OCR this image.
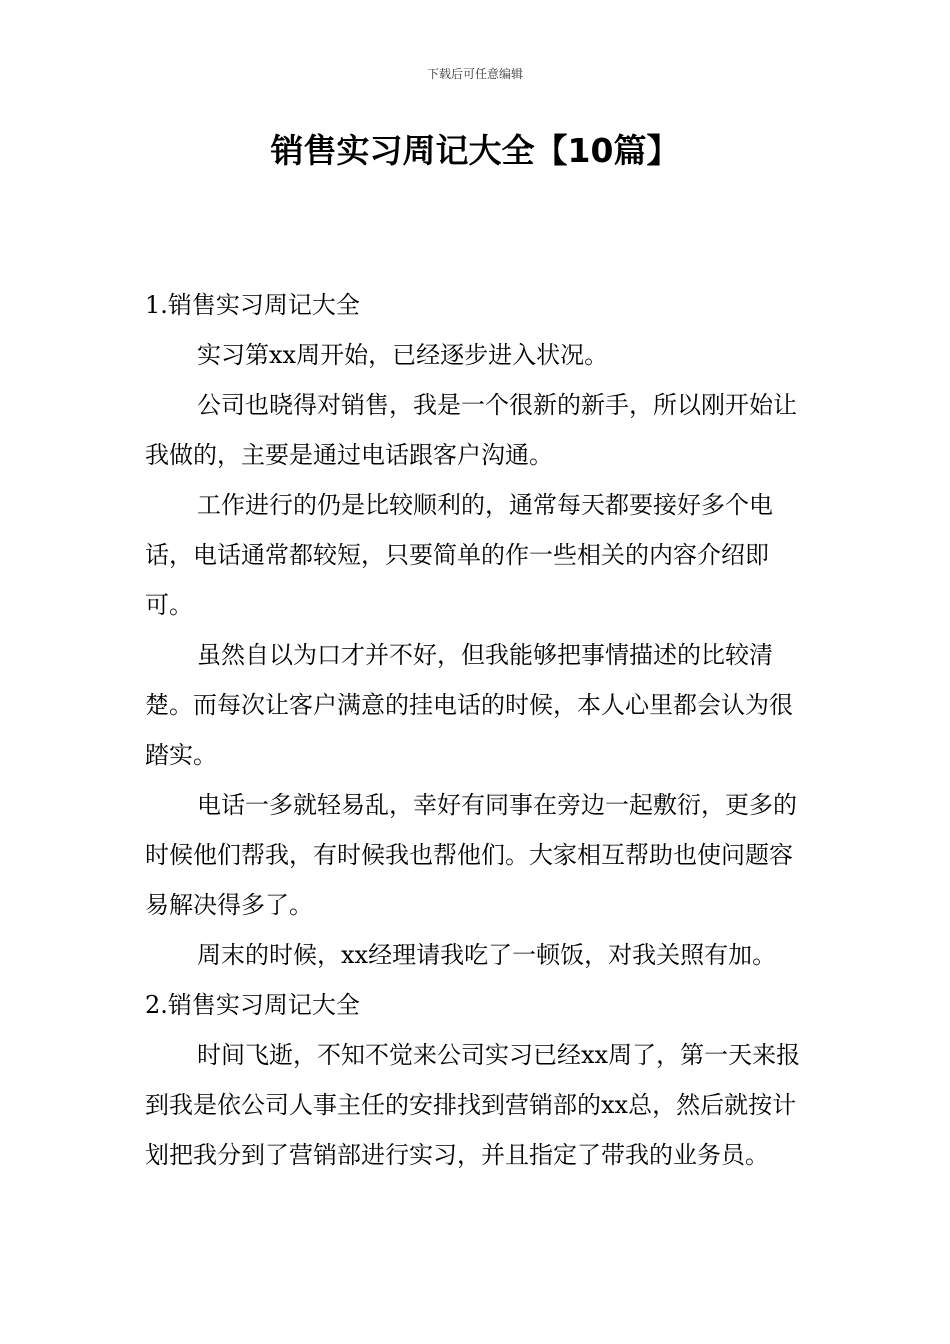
下载后可任意编辑
销售实习周记大全【10篇】

1.销售实习周记大全

实习第xx周开始，已经逐步进入状况。

公司也晓得对销售，我是一个很新的新手，所以刚开始让我做的，主要是通过电话跟客户沟通。

工作进行的仍是比较顺利的，通常每天都要接好多个电话，电话通常都较短，只要简单的作一些相关的内容介绍即可。

虽然自以为口才并不好，但我能够把事情描述的比较清楚。而每次让客户满意的挂电话的时候，本人心里都会认为很踏实。

电话一多就轻易乱，幸好有同事在旁边一起敷衍，更多的时候他们帮我，有时候我也帮他们。大家相互帮助也使问题容易解决得多了。

周末的时候，xx经理请我吃了一顿饭，对我关照有加。

2.销售实习周记大全

时间飞逝，不知不觉来公司实习已经xx周了，第一天来报到我是依公司人事主任的安排找到营销部的xx总，然后就按计划把我分到了营销部进行实习，并且指定了带我的业务员。
